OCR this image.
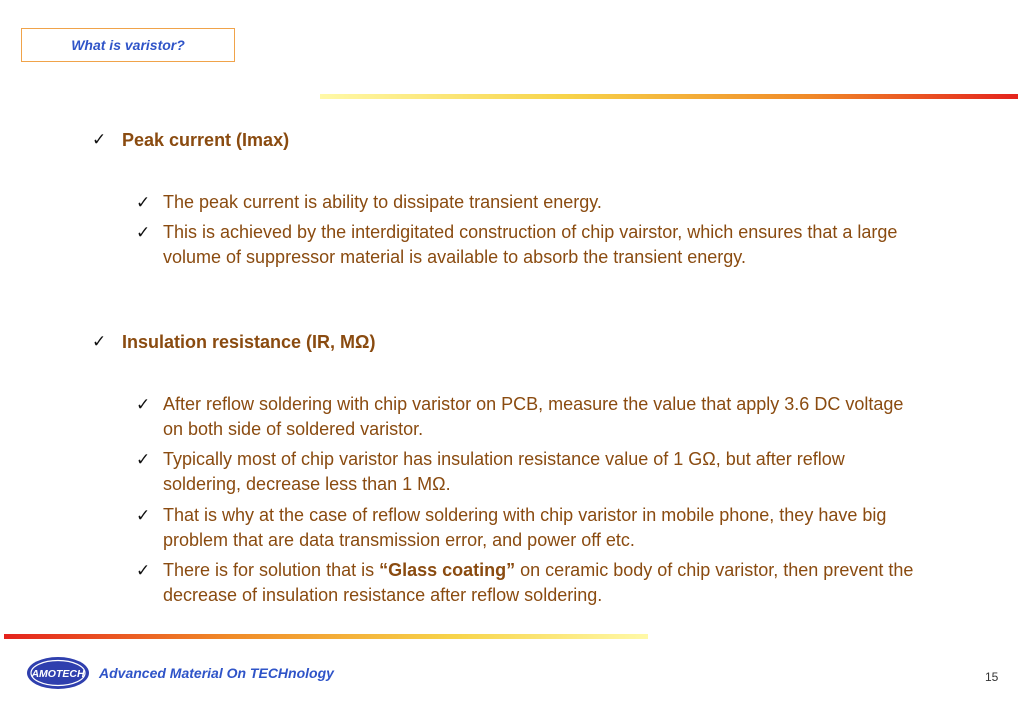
What is varistor?
✓ Peak current (Imax)
✓ The peak current is ability to dissipate transient energy.
✓ This is achieved by the interdigitated construction of chip vairstor, which ensures that a large volume of suppressor material is available to absorb the transient energy.
✓ Insulation resistance (IR, MΩ)
✓ After reflow soldering with chip varistor on PCB, measure the value that apply 3.6 DC voltage on both side of soldered varistor.
✓ Typically most of chip varistor has insulation resistance value of 1 GΩ, but after reflow soldering, decrease less than 1 MΩ.
✓ That is why at the case of reflow soldering with chip varistor in mobile phone, they have big problem that are data transmission error, and power off etc.
✓ There is for solution that is “Glass coating” on ceramic body of chip varistor, then prevent the decrease of insulation resistance after reflow soldering.
AMOTECH Advanced Material On TECHnology	15
